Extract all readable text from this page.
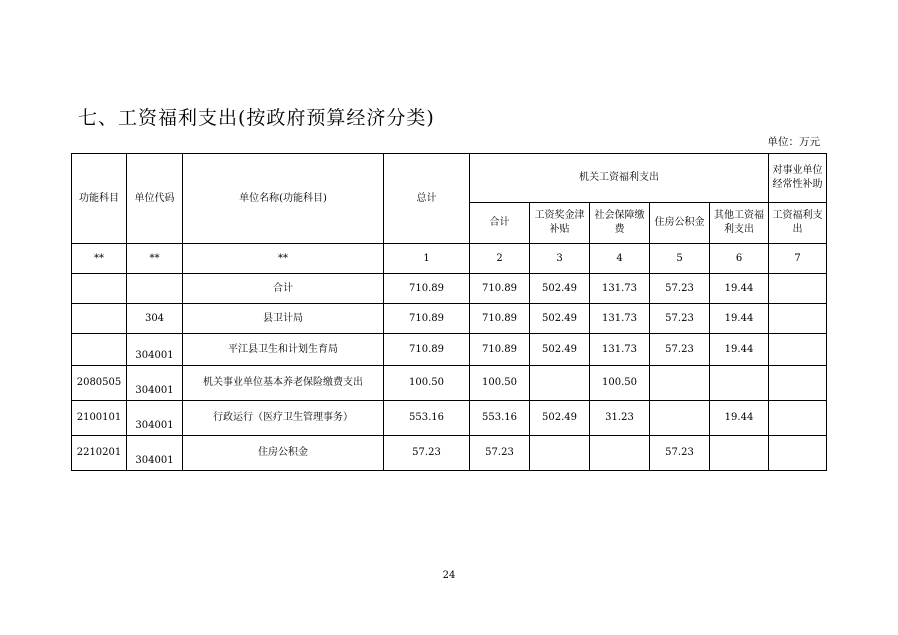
七、工资福利支出(按政府预算经济分类)
单位：万元
功能科目	单位代码	单位名称(功能科目)	总计	机关工资福利支出					对事业单位经常性补助
				合计	工资奖金津补贴	社会保障缴费	住房公积金	其他工资福利支出	工资福利支出
**	**	**	1	2	3	4	5	6	7
		合计	710.89	710.89	502.49	131.73	57.23	19.44	
	304	县卫计局	710.89	710.89	502.49	131.73	57.23	19.44	
	304001	平江县卫生和计划生育局	710.89	710.89	502.49	131.73	57.23	19.44	
2080505	304001	机关事业单位基本养老保险缴费支出	100.50	100.50		100.50			
2100101	304001	行政运行（医疗卫生管理事务）	553.16	553.16	502.49	31.23		19.44	
2210201	304001	住房公积金	57.23	57.23			57.23		
24
